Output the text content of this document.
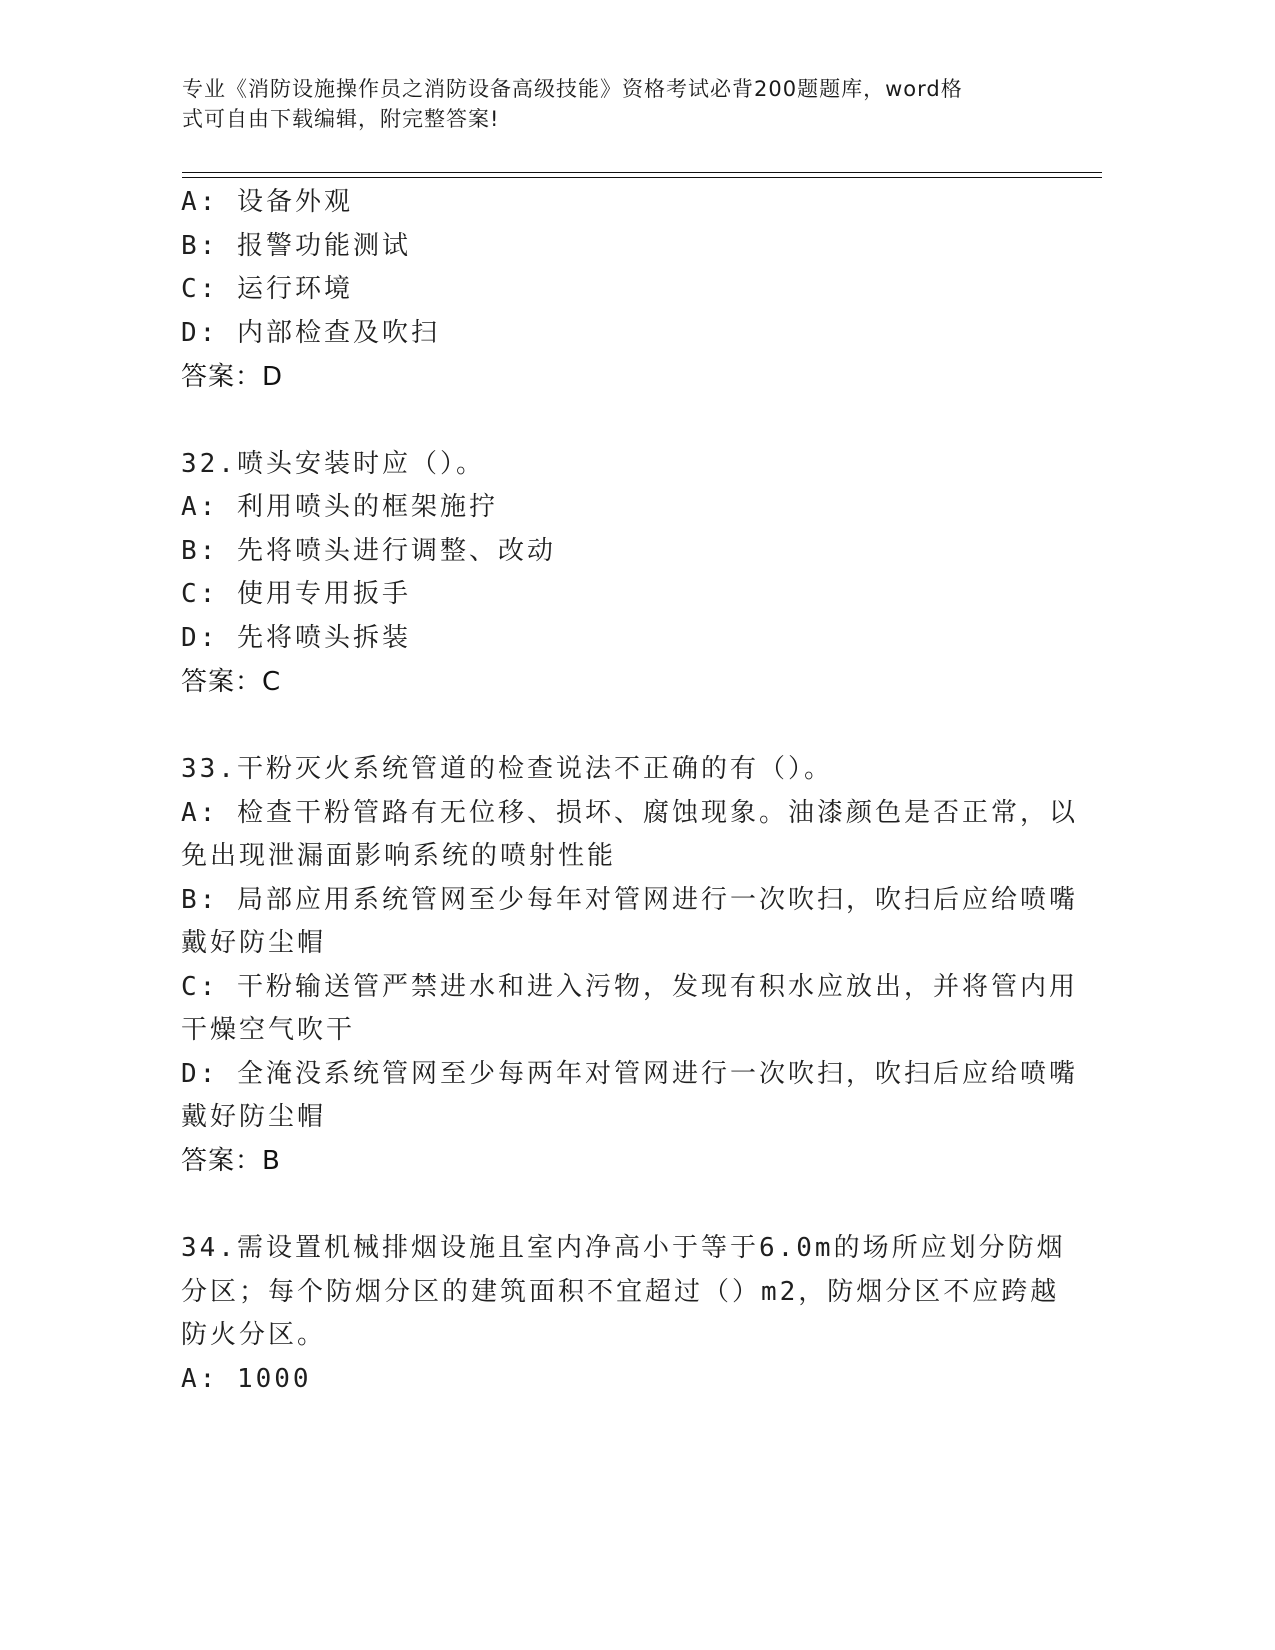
专业《消防设施操作员之消防设备高级技能》资格考试必背200题题库，word格
式可自由下载编辑，附完整答案!
A: 设备外观
B: 报警功能测试
C: 运行环境
D: 内部检查及吹扫
答案：D
32.喷头安装时应（）。
A: 利用喷头的框架施拧
B: 先将喷头进行调整、改动
C: 使用专用扳手
D: 先将喷头拆装
答案：C
33.干粉灭火系统管道的检查说法不正确的有（）。
A: 检查干粉管路有无位移、损坏、腐蚀现象。油漆颜色是否正常，以
免出现泄漏面影响系统的喷射性能
B: 局部应用系统管网至少每年对管网进行一次吹扫，吹扫后应给喷嘴
戴好防尘帽
C: 干粉输送管严禁进水和进入污物，发现有积水应放出，并将管内用
干燥空气吹干
D: 全淹没系统管网至少每两年对管网进行一次吹扫，吹扫后应给喷嘴
戴好防尘帽
答案：B
34.需设置机械排烟设施且室内净高小于等于6.0m的场所应划分防烟
分区；每个防烟分区的建筑面积不宜超过（）m2，防烟分区不应跨越
防火分区。
A: 1000
